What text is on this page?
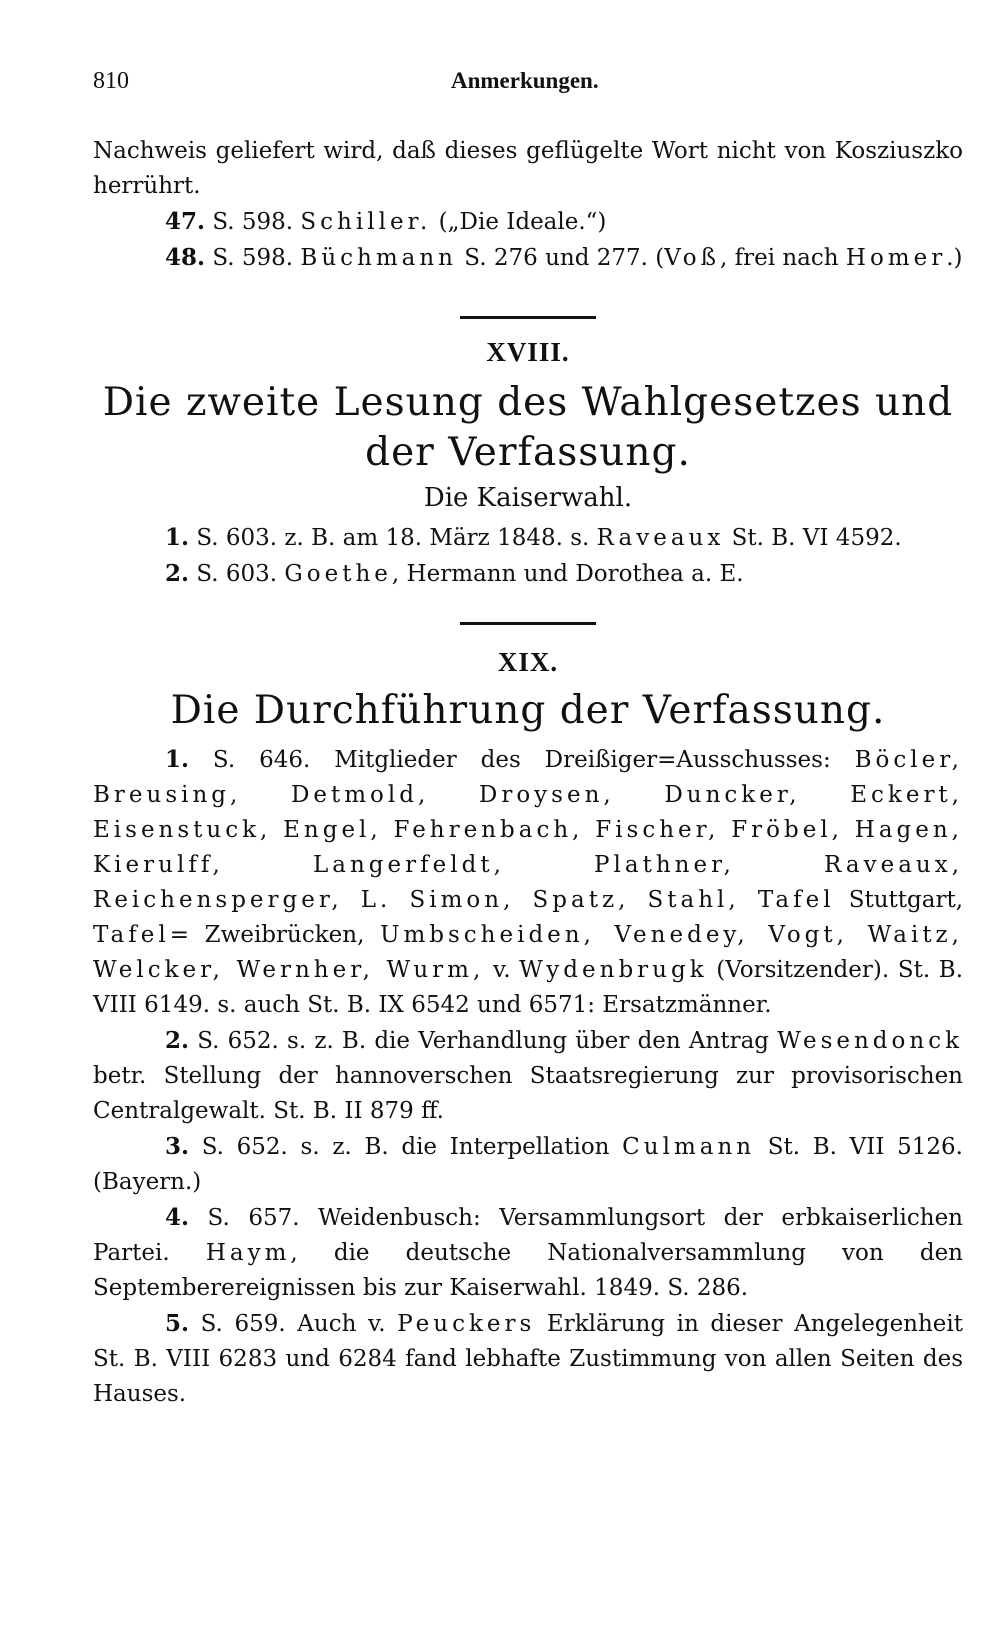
810	Anmerkungen.

Nachweis geliefert wird, daß dieses geflügelte Wort nicht von Kosziuszko herrührt.

47. S. 598. Schiller. („Die Ideale.“)

48. S. 598. Büchmann S. 276 und 277. (Voß, frei nach Homer.)

XVIII.
Die zweite Lesung des Wahlgesetzes und der Verfassung.
Die Kaiserwahl.

1. S. 603. z. B. am 18. März 1848. s. Raveaux St. B. VI 4592.

2. S. 603. Goethe, Hermann und Dorothea a. E.

XIX.
Die Durchführung der Verfassung.

1. S. 646. Mitglieder des Dreißiger=Ausschusses: Böcler, Breusing, Detmold, Droysen, Duncker, Eckert, Eisenstuck, Engel, Fehrenbach, Fischer, Fröbel, Hagen, Kierulff, Langerfeldt, Plathner, Raveaux, Reichensperger, L. Simon, Spatz, Stahl, Tafel Stuttgart, Tafel= Zweibrücken, Umbscheiden, Venedey, Vogt, Waitz, Welcker, Wernher, Wurm, v. Wydenbrugk (Vorsitzender). St. B. VIII 6149. s. auch St. B. IX 6542 und 6571: Ersatzmänner.

2. S. 652. s. z. B. die Verhandlung über den Antrag Wesendonck betr. Stellung der hannoverschen Staatsregierung zur provisorischen Centralgewalt. St. B. II 879 ff.

3. S. 652. s. z. B. die Interpellation Culmann St. B. VII 5126. (Bayern.)

4. S. 657. Weidenbusch: Versammlungsort der erbkaiserlichen Partei. Haym, die deutsche Nationalversammlung von den Septemberereignissen bis zur Kaiserwahl. 1849. S. 286.

5. S. 659. Auch v. Peuckers Erklärung in dieser Angelegenheit St. B. VIII 6283 und 6284 fand lebhafte Zustimmung von allen Seiten des Hauses.
